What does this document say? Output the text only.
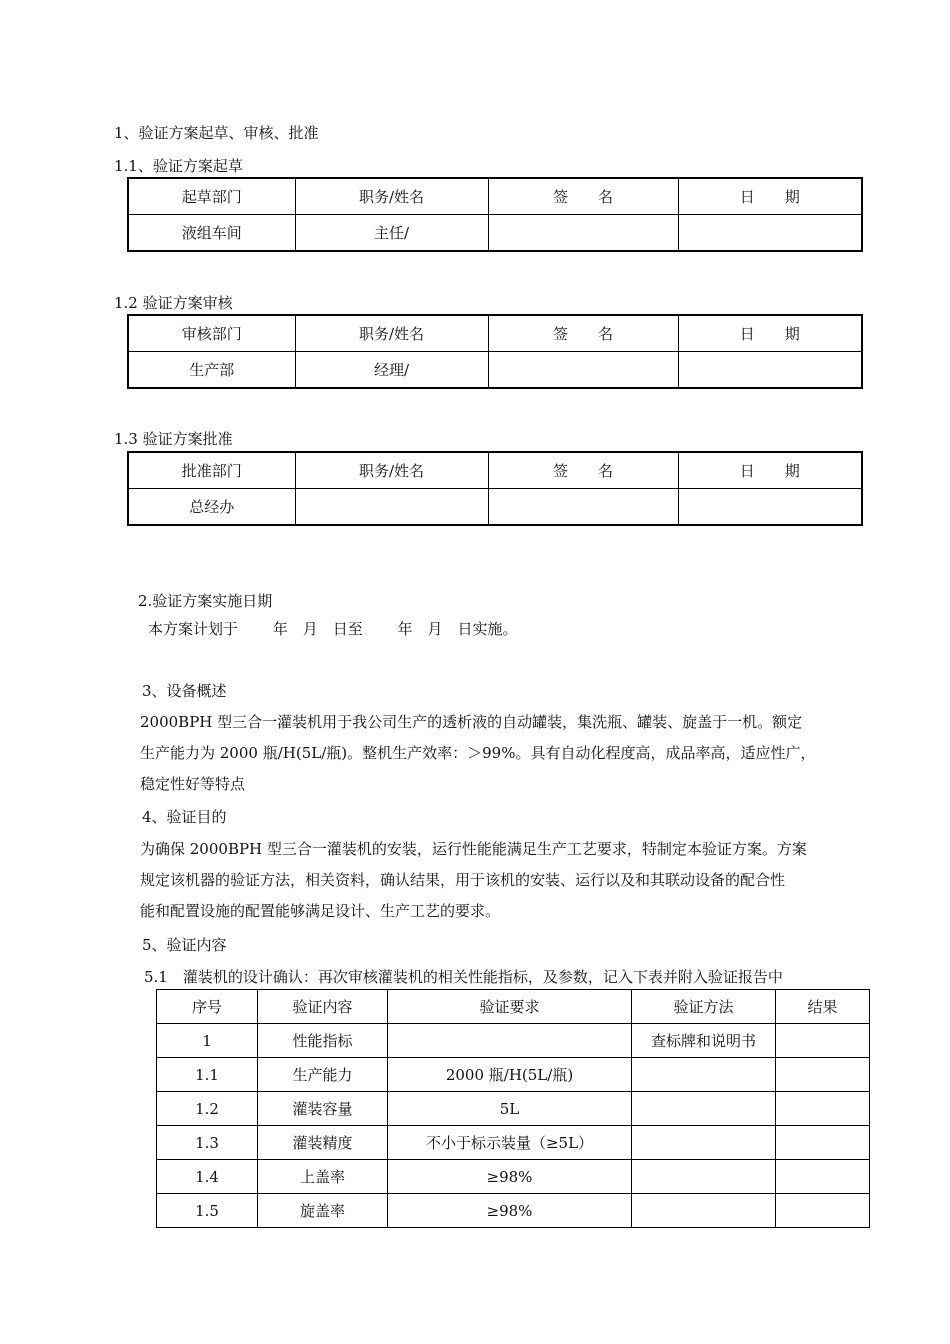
1、验证方案起草、审核、批准
1.1、验证方案起草
起草部门	职务/姓名	签　　名	日　　期
液组车间	主任/		
1.2 验证方案审核
审核部门	职务/姓名	签　　名	日　　期
生产部	经理/		
1.3 验证方案批准
批准部门	职务/姓名	签　　名	日　　期
总经办			
2.验证方案实施日期
本方案计划于　　 年　月　日至　　 年　月　日实施。
3、设备概述
2000BPH 型三合一灌装机用于我公司生产的透析液的自动罐装，集洗瓶、罐装、旋盖于一机。额定
生产能力为 2000 瓶/H(5L/瓶)。整机生产效率：＞99%。具有自动化程度高，成品率高，适应性广，
稳定性好等特点
4、验证目的
为确保 2000BPH 型三合一灌装机的安装，运行性能能满足生产工艺要求，特制定本验证方案。方案
规定该机器的验证方法，相关资料，确认结果，用于该机的安装、运行以及和其联动设备的配合性
能和配置设施的配置能够满足设计、生产工艺的要求。
5、验证内容
5.1　灌装机的设计确认：再次审核灌装机的相关性能指标，及参数，记入下表并附入验证报告中
序号	验证内容	验证要求	验证方法	结果
1	性能指标		查标牌和说明书	
1.1	生产能力	2000 瓶/H(5L/瓶)		
1.2	灌装容量	5L		
1.3	灌装精度	不小于标示装量（≥5L）		
1.4	上盖率	≥98%		
1.5	旋盖率	≥98%		
